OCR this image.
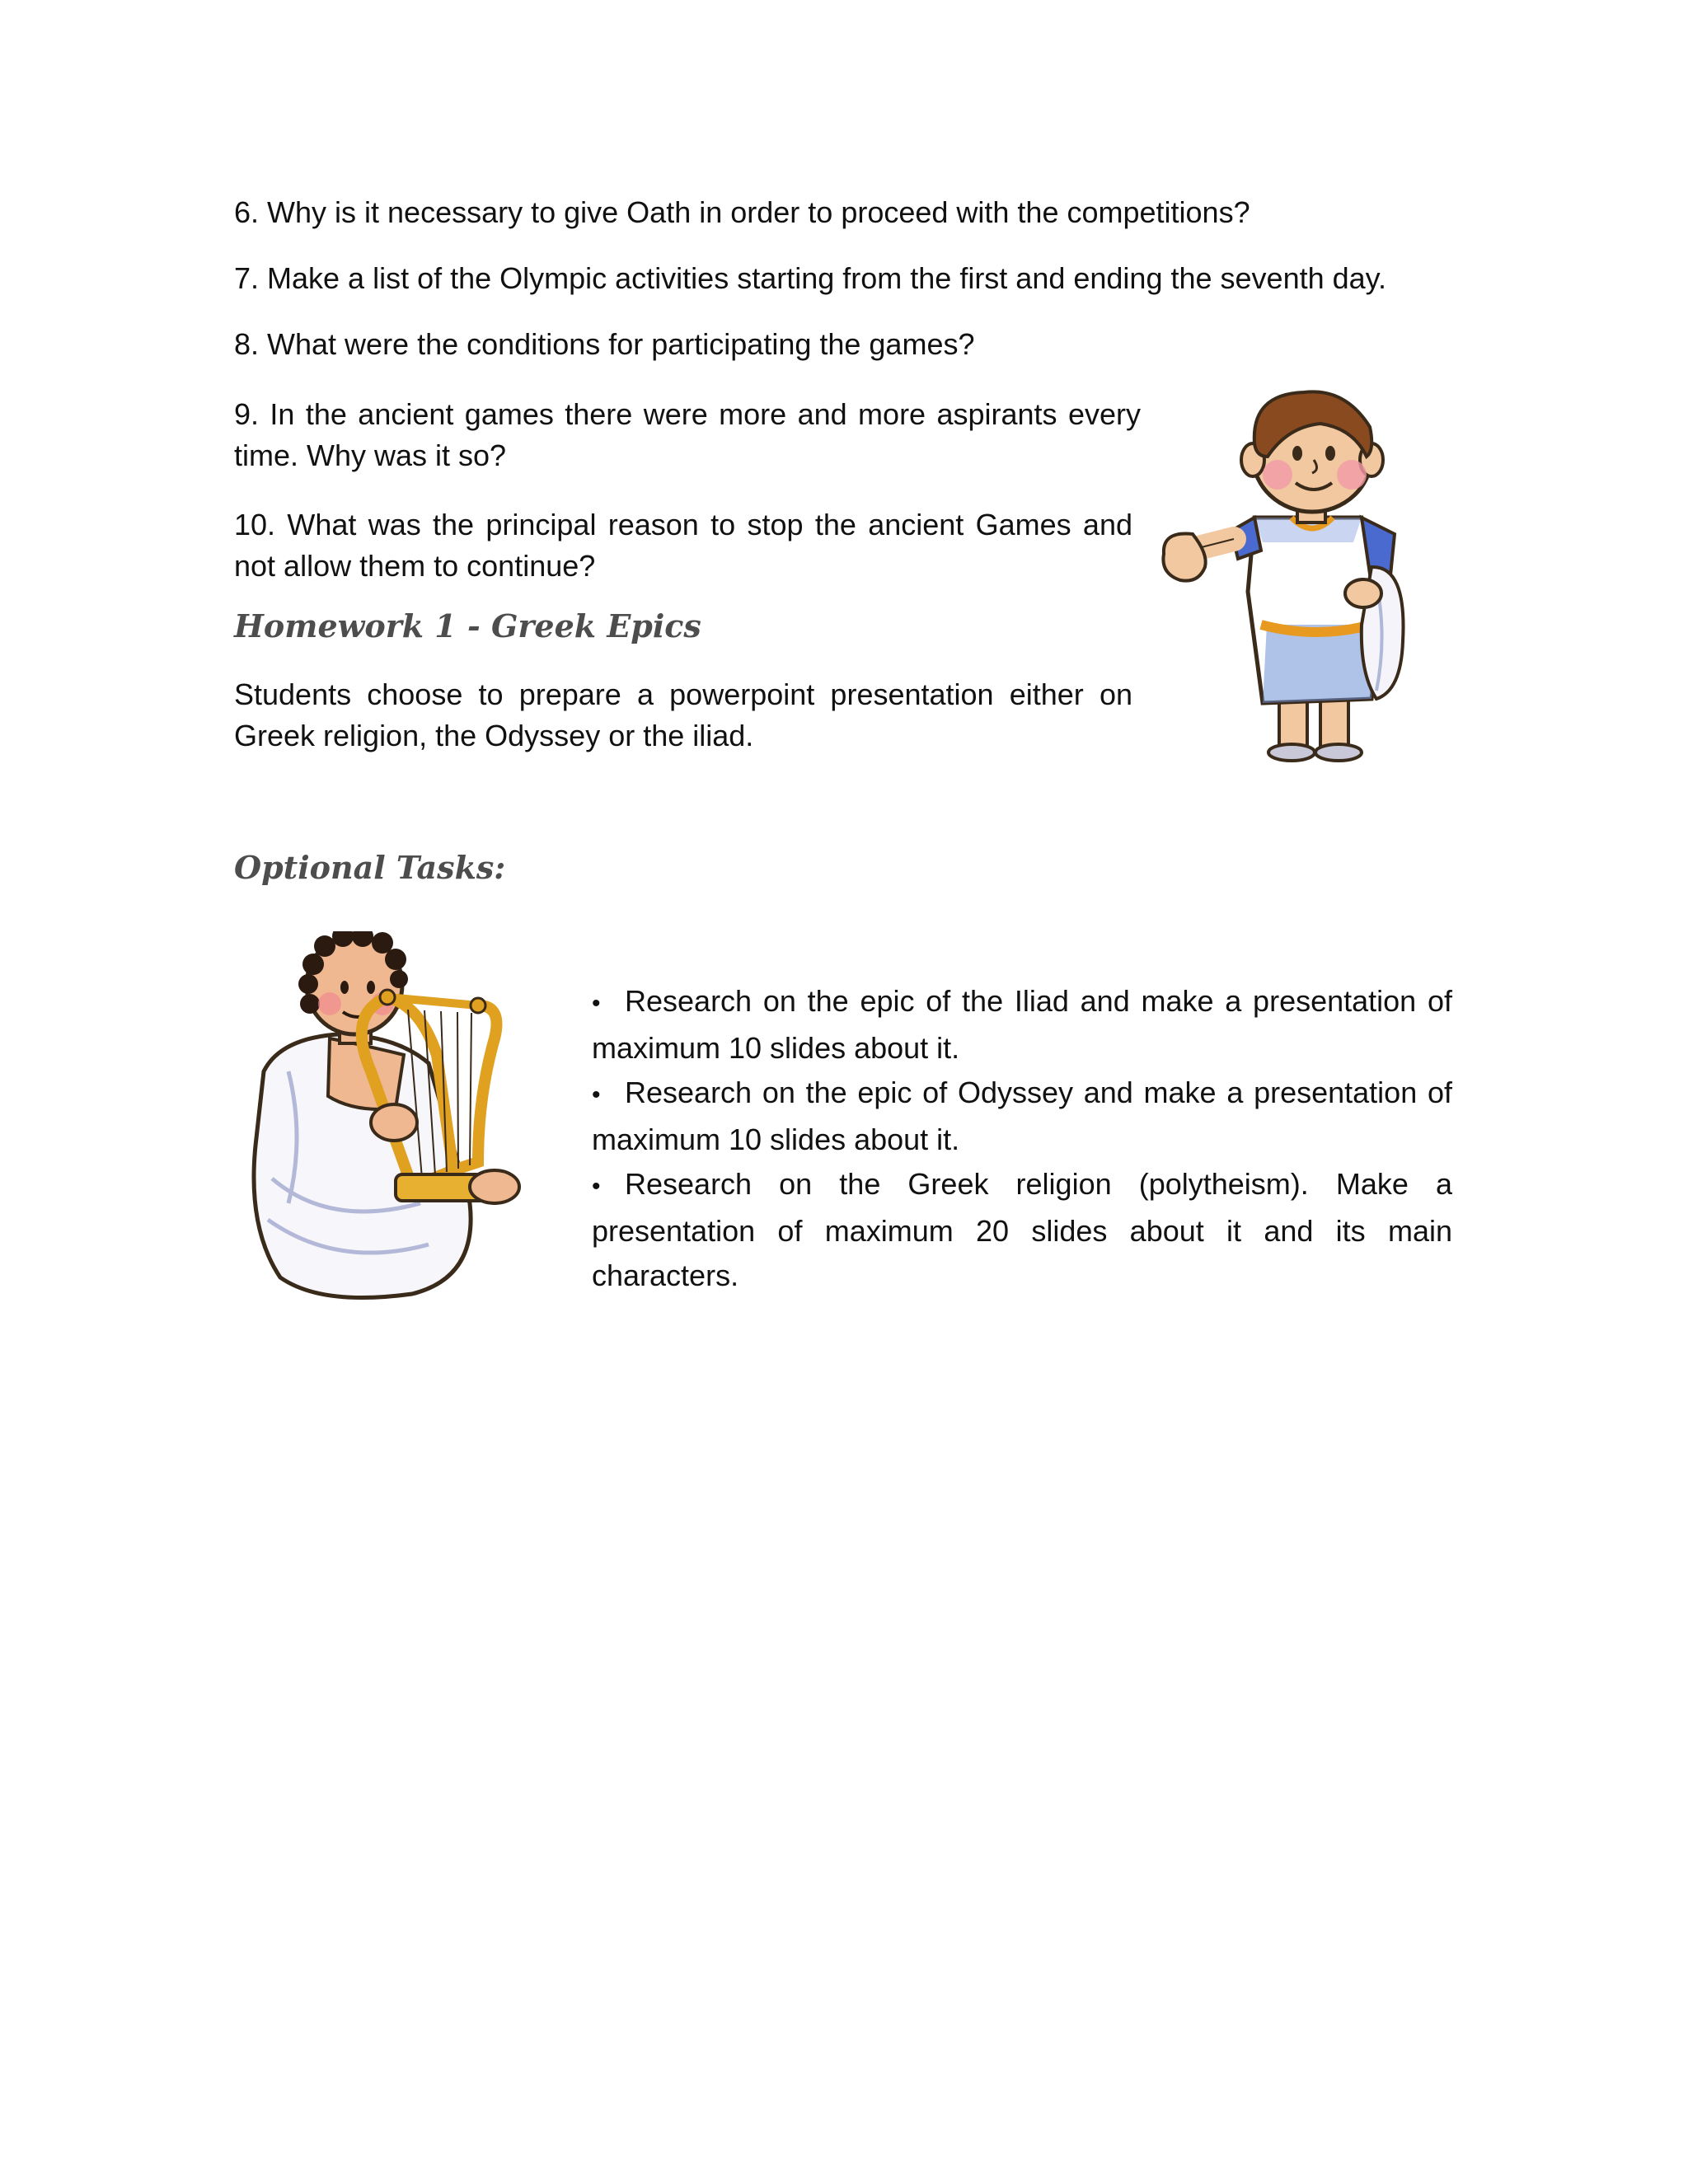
6. Why is it necessary to give Oath in order to proceed with the competitions?

7. Make a list of the Olympic activities starting from the first and ending the seventh day.

8. What were the conditions for participating the games?

9. In the ancient games there were more and more aspirants every time. Why was it so?

10. What was the principal reason to stop the ancient Games and not allow them to continue?

Homework 1 - Greek Epics

Students choose to prepare a powerpoint presentation either on Greek religion, the Odyssey or the iliad.

Optional Tasks:
• Research on the epic of the Iliad and make a presentation of maximum 10 slides about it.
• Research on the epic of Odyssey and make a presentation of maximum 10 slides about it.
• Research on the Greek religion (polytheism). Make a presentation of maximum 20 slides about it and its main characters.
